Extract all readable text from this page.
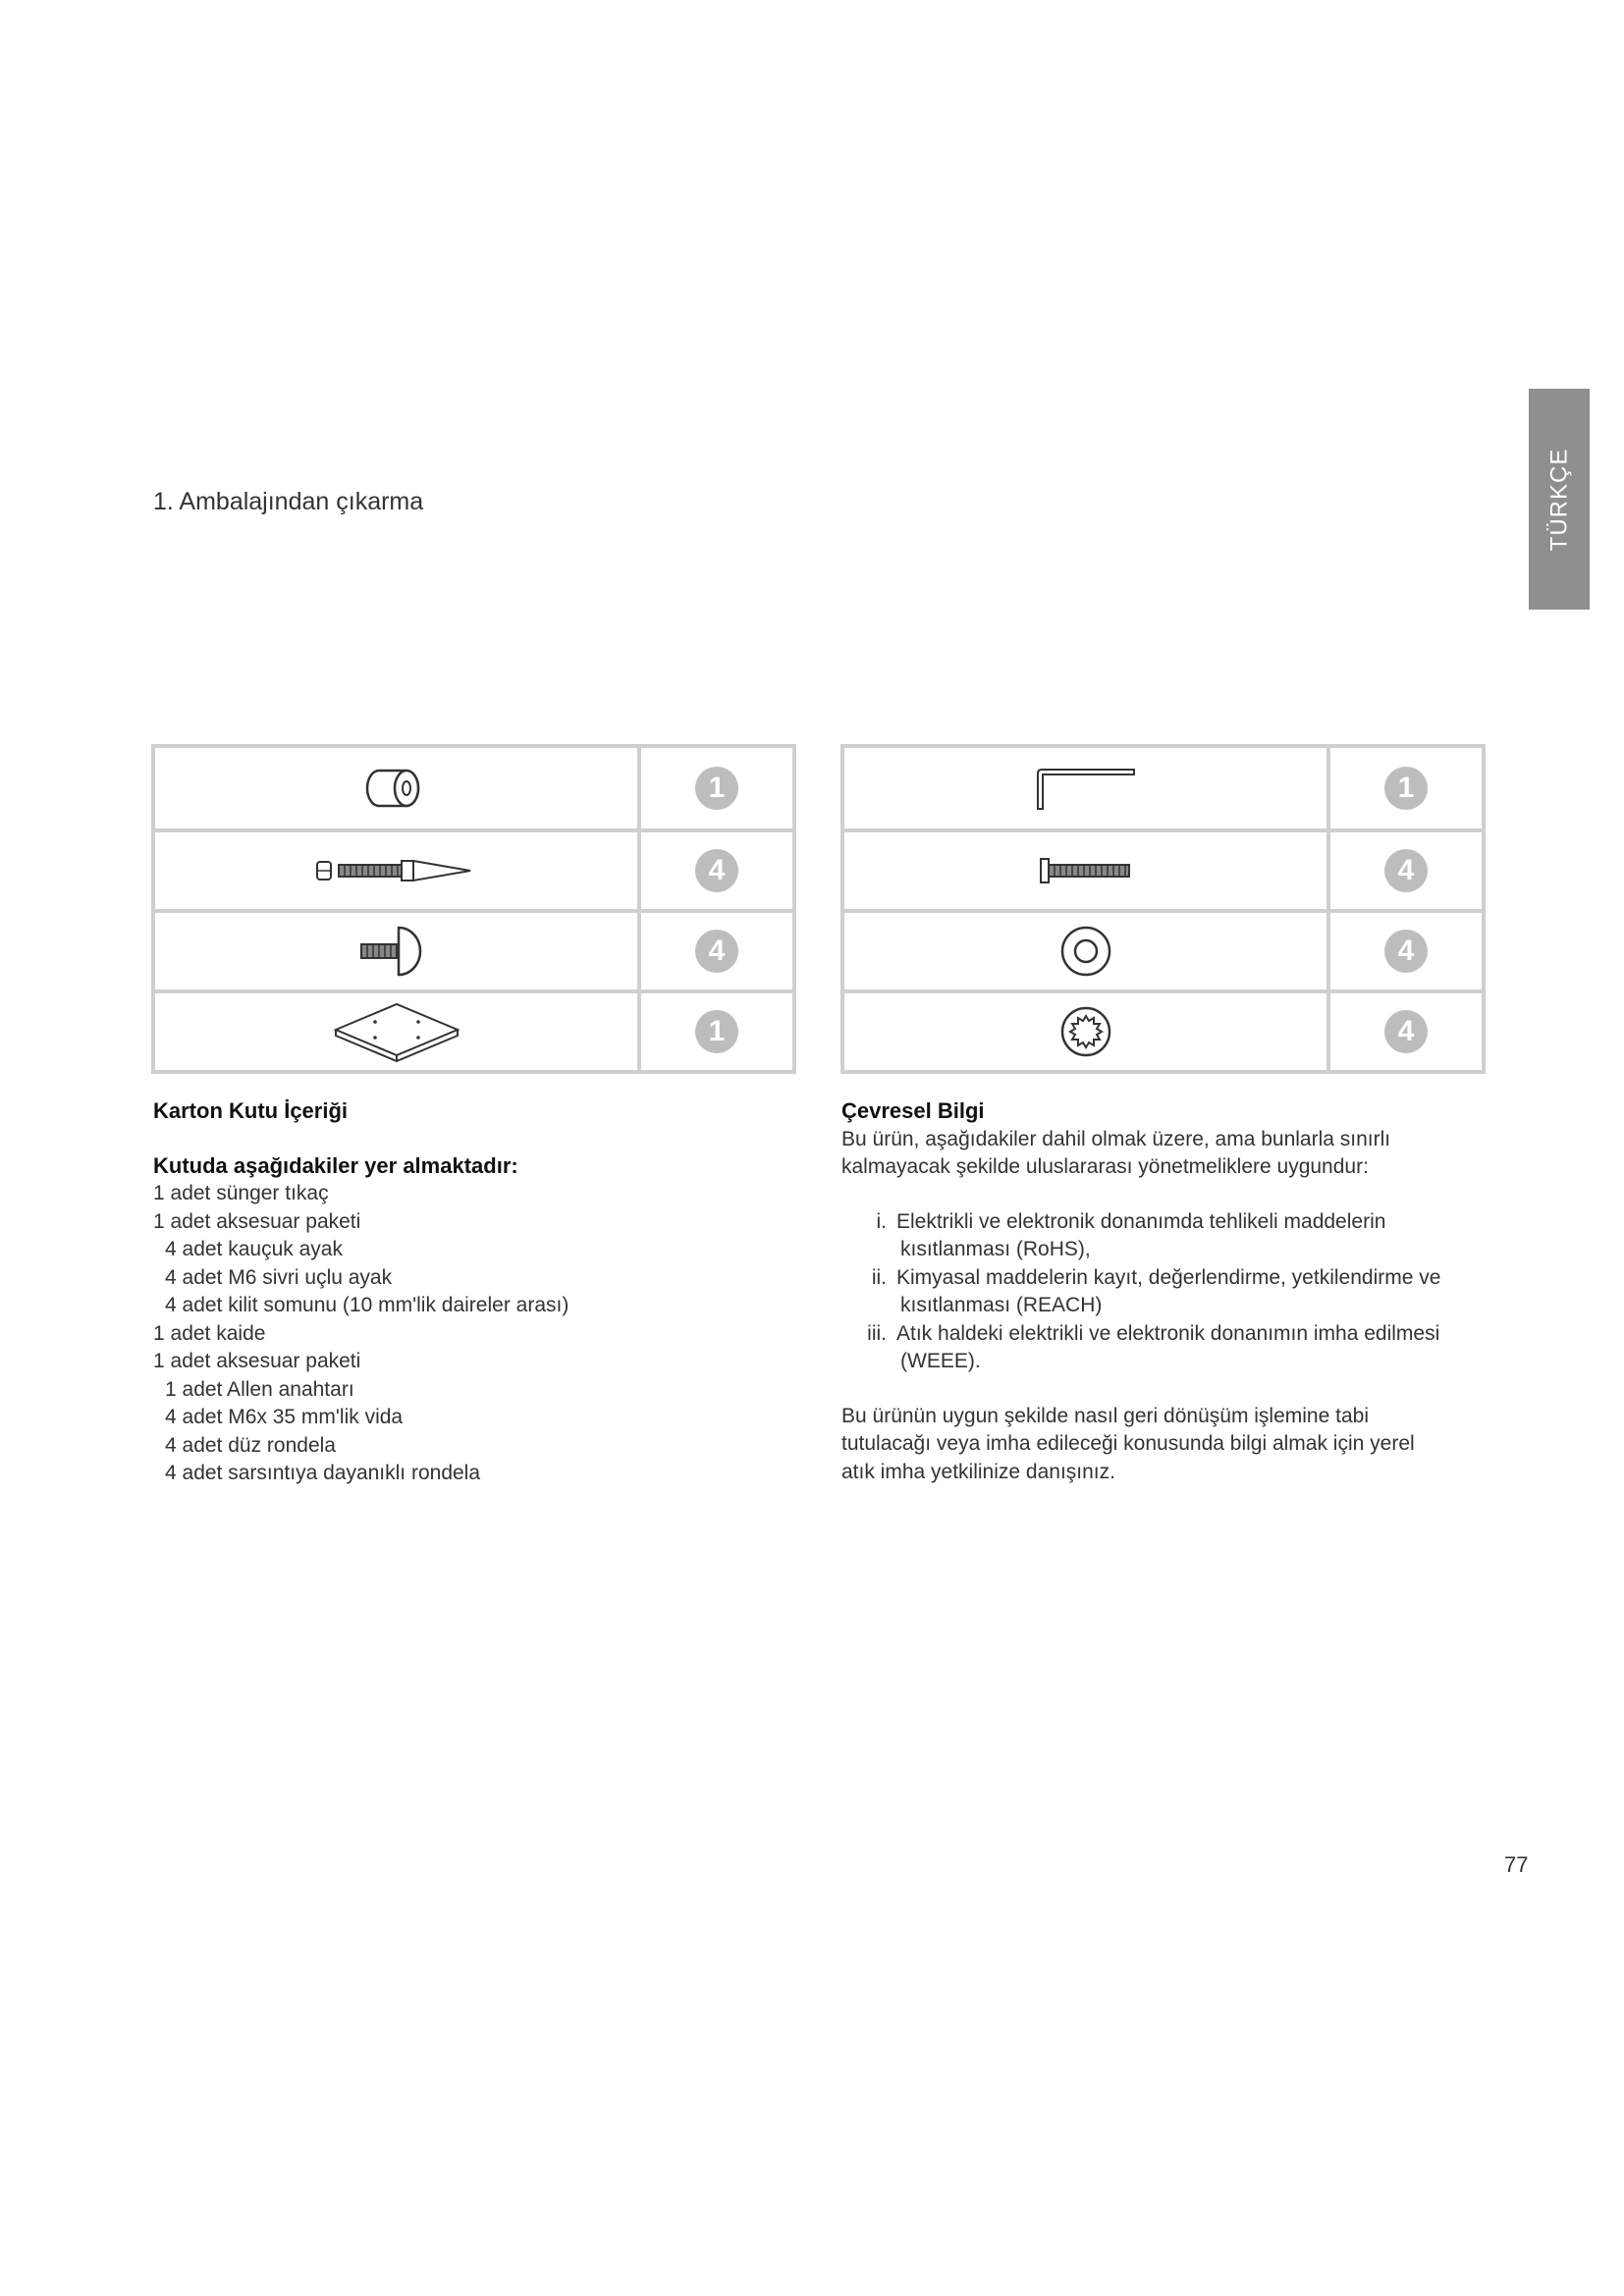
TÜRKÇE
1. Ambalajından çıkarma
1
4
4
1
1
4
4
4
Karton Kutu İçeriği
Kutuda aşağıdakiler yer almaktadır:
1 adet sünger tıkaç
1 adet aksesuar paketi
4 adet kauçuk ayak
4 adet M6 sivri uçlu ayak
4 adet kilit somunu (10 mm'lik daireler arası)
1 adet kaide
1 adet aksesuar paketi
1 adet Allen anahtarı
4 adet M6x 35 mm'lik vida
4 adet düz rondela
4 adet sarsıntıya dayanıklı rondela
Çevresel Bilgi
Bu ürün, aşağıdakiler dahil olmak üzere, ama bunlarla sınırlı
kalmayacak şekilde uluslararası yönetmeliklere uygundur:
i. Elektrikli ve elektronik donanımda tehlikeli maddelerin
kısıtlanması (RoHS),
ii. Kimyasal maddelerin kayıt, değerlendirme, yetkilendirme ve
kısıtlanması (REACH)
iii. Atık haldeki elektrikli ve elektronik donanımın imha edilmesi
(WEEE).
Bu ürünün uygun şekilde nasıl geri dönüşüm işlemine tabi
tutulacağı veya imha edileceği konusunda bilgi almak için yerel
atık imha yetkilinize danışınız.
77
